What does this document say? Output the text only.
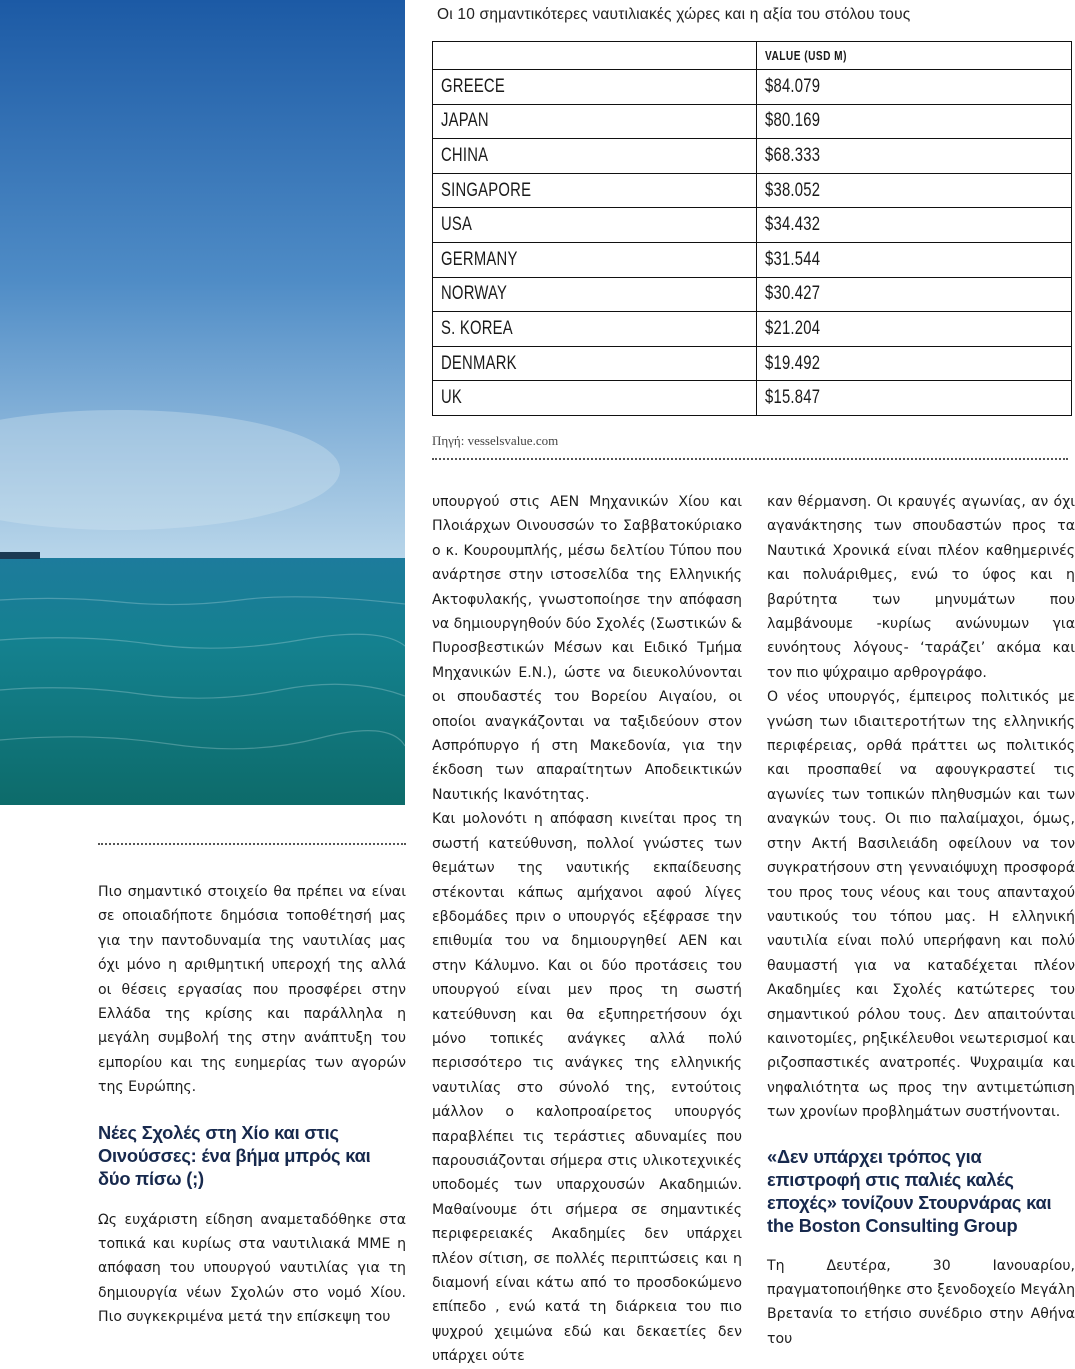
Οι 10 σημαντικότερες ναυτιλιακές χώρες και η αξία του στόλου τους
	VALUE (USD M)
GREECE	$84.079
JAPAN	$80.169
CHINA	$68.333
SINGAPORE	$38.052
USA	$34.432
GERMANY	$31.544
NORWAY	$30.427
S. KOREA	$21.204
DENMARK	$19.492
UK	$15.847
Πηγή: vesselsvalue.com

Πιο σημαντικό στοιχείο θα πρέπει να είναι σε οποιαδήποτε δημόσια τοποθέτησή μας για την παντοδυναμία της ναυτιλίας μας όχι μόνο η αριθμητική υπεροχή της αλλά οι θέσεις εργασίας που προσφέρει στην Ελλάδα της κρίσης και παράλληλα η μεγάλη συμβολή της στην ανάπτυξη του εμπορίου και της ευημερίας των αγορών της Ευρώπης.

Νέες Σχολές στη Χίο και στις Οινούσσες: ένα βήμα μπρός και δύο πίσω (;)

Ως ευχάριστη είδηση αναμεταδόθηκε στα τοπικά και κυρίως στα ναυτιλιακά ΜΜΕ η απόφαση του υπουργού ναυτιλίας για τη δημιουργία νέων Σχολών στο νομό Χίου. Πιο συγκεκριμένα μετά την επίσκεψη του

υπουργού στις ΑΕΝ Μηχανικών Χίου και Πλοιάρχων Οινουσσών το Σαββατοκύριακο ο κ. Κουρουμπλής, μέσω δελτίου Τύπου που ανάρτησε στην ιστοσελίδα της Ελληνικής Ακτοφυλακής, γνωστοποίησε την απόφαση να δημιουργηθούν δύο Σχολές (Σωστικών & Πυροσβεστικών Μέσων και Ειδικό Τμήμα Μηχανικών Ε.Ν.), ώστε να διευκολύνονται οι σπουδαστές του Βορείου Αιγαίου, οι οποίοι αναγκάζονται να ταξιδεύουν στον Ασπρόπυργο ή στη Μακεδονία, για την έκδοση των απαραίτητων Αποδεικτικών Ναυτικής Ικανότητας.

Και μολονότι η απόφαση κινείται προς τη σωστή κατεύθυνση, πολλοί γνώστες των θεμάτων της ναυτικής εκπαίδευσης στέκονται κάπως αμήχανοι αφού λίγες εβδομάδες πριν ο υπουργός εξέφρασε την επιθυμία του να δημιουργηθεί ΑΕΝ και στην Κάλυμνο. Και οι δύο προτάσεις του υπουργού είναι μεν προς τη σωστή κατεύθυνση και θα εξυπηρετήσουν όχι μόνο τοπικές ανάγκες αλλά πολύ περισσότερο τις ανάγκες της ελληνικής ναυτιλίας στο σύνολό της, εντούτοις μάλλον ο καλοπροαίρετος υπουργός παραβλέπει τις τεράστιες αδυναμίες που παρουσιάζονται σήμερα στις υλικοτεχνικές υποδομές των υπαρχουσών Ακαδημιών. Μαθαίνουμε ότι σήμερα σε σημαντικές περιφερειακές Ακαδημίες δεν υπάρχει πλέον σίτιση, σε πολλές περιπτώσεις και η διαμονή είναι κάτω από το προσδοκώμενο επίπεδο , ενώ κατά τη διάρκεια του πιο ψυχρού χειμώνα εδώ και δεκαετίες δεν υπάρχει ούτε

καν θέρμανση. Οι κραυγές αγωνίας, αν όχι αγανάκτησης των σπουδαστών προς τα Ναυτικά Χρονικά είναι πλέον καθημερινές και πολυάριθμες, ενώ το ύφος και η βαρύτητα των μηνυμάτων που λαμβάνουμε -κυρίως ανώνυμων για ευνόητους λόγους- ‘ταράζει’ ακόμα και τον πιο ψύχραιμο αρθρογράφο.

Ο νέος υπουργός, έμπειρος πολιτικός με γνώση των ιδιαιτεροτήτων της ελληνικής περιφέρειας, ορθά πράττει ως πολιτικός και προσπαθεί να αφουγκραστεί τις αγωνίες των τοπικών πληθυσμών και των αναγκών τους. Οι πιο παλαίμαχοι, όμως, στην Ακτή Βασιλειάδη οφείλουν να τον συγκρατήσουν στη γενναιόψυχη προσφορά του προς τους νέους και τους απανταχού ναυτικούς του τόπου μας. Η ελληνική ναυτιλία είναι πολύ υπερήφανη και πολύ θαυμαστή για να καταδέχεται πλέον Ακαδημίες και Σχολές κατώτερες του σημαντικού ρόλου τους. Δεν απαιτούνται καινοτομίες, ρηξικέλευθοι νεωτερισμοί και ριζοσπαστικές ανατροπές. Ψυχραιμία και νηφαλιότητα ως προς την αντιμετώπιση των χρονίων προβλημάτων συστήνονται.

«Δεν υπάρχει τρόπος για επιστροφή στις παλιές καλές εποχές» τονίζουν Στουρνάρας και the Boston Consulting Group

Τη Δευτέρα, 30 Ιανουαρίου, πραγματοποιήθηκε στο ξενοδοχείο Μεγάλη Βρετανία το ετήσιο συνέδριο στην Αθήνα του
